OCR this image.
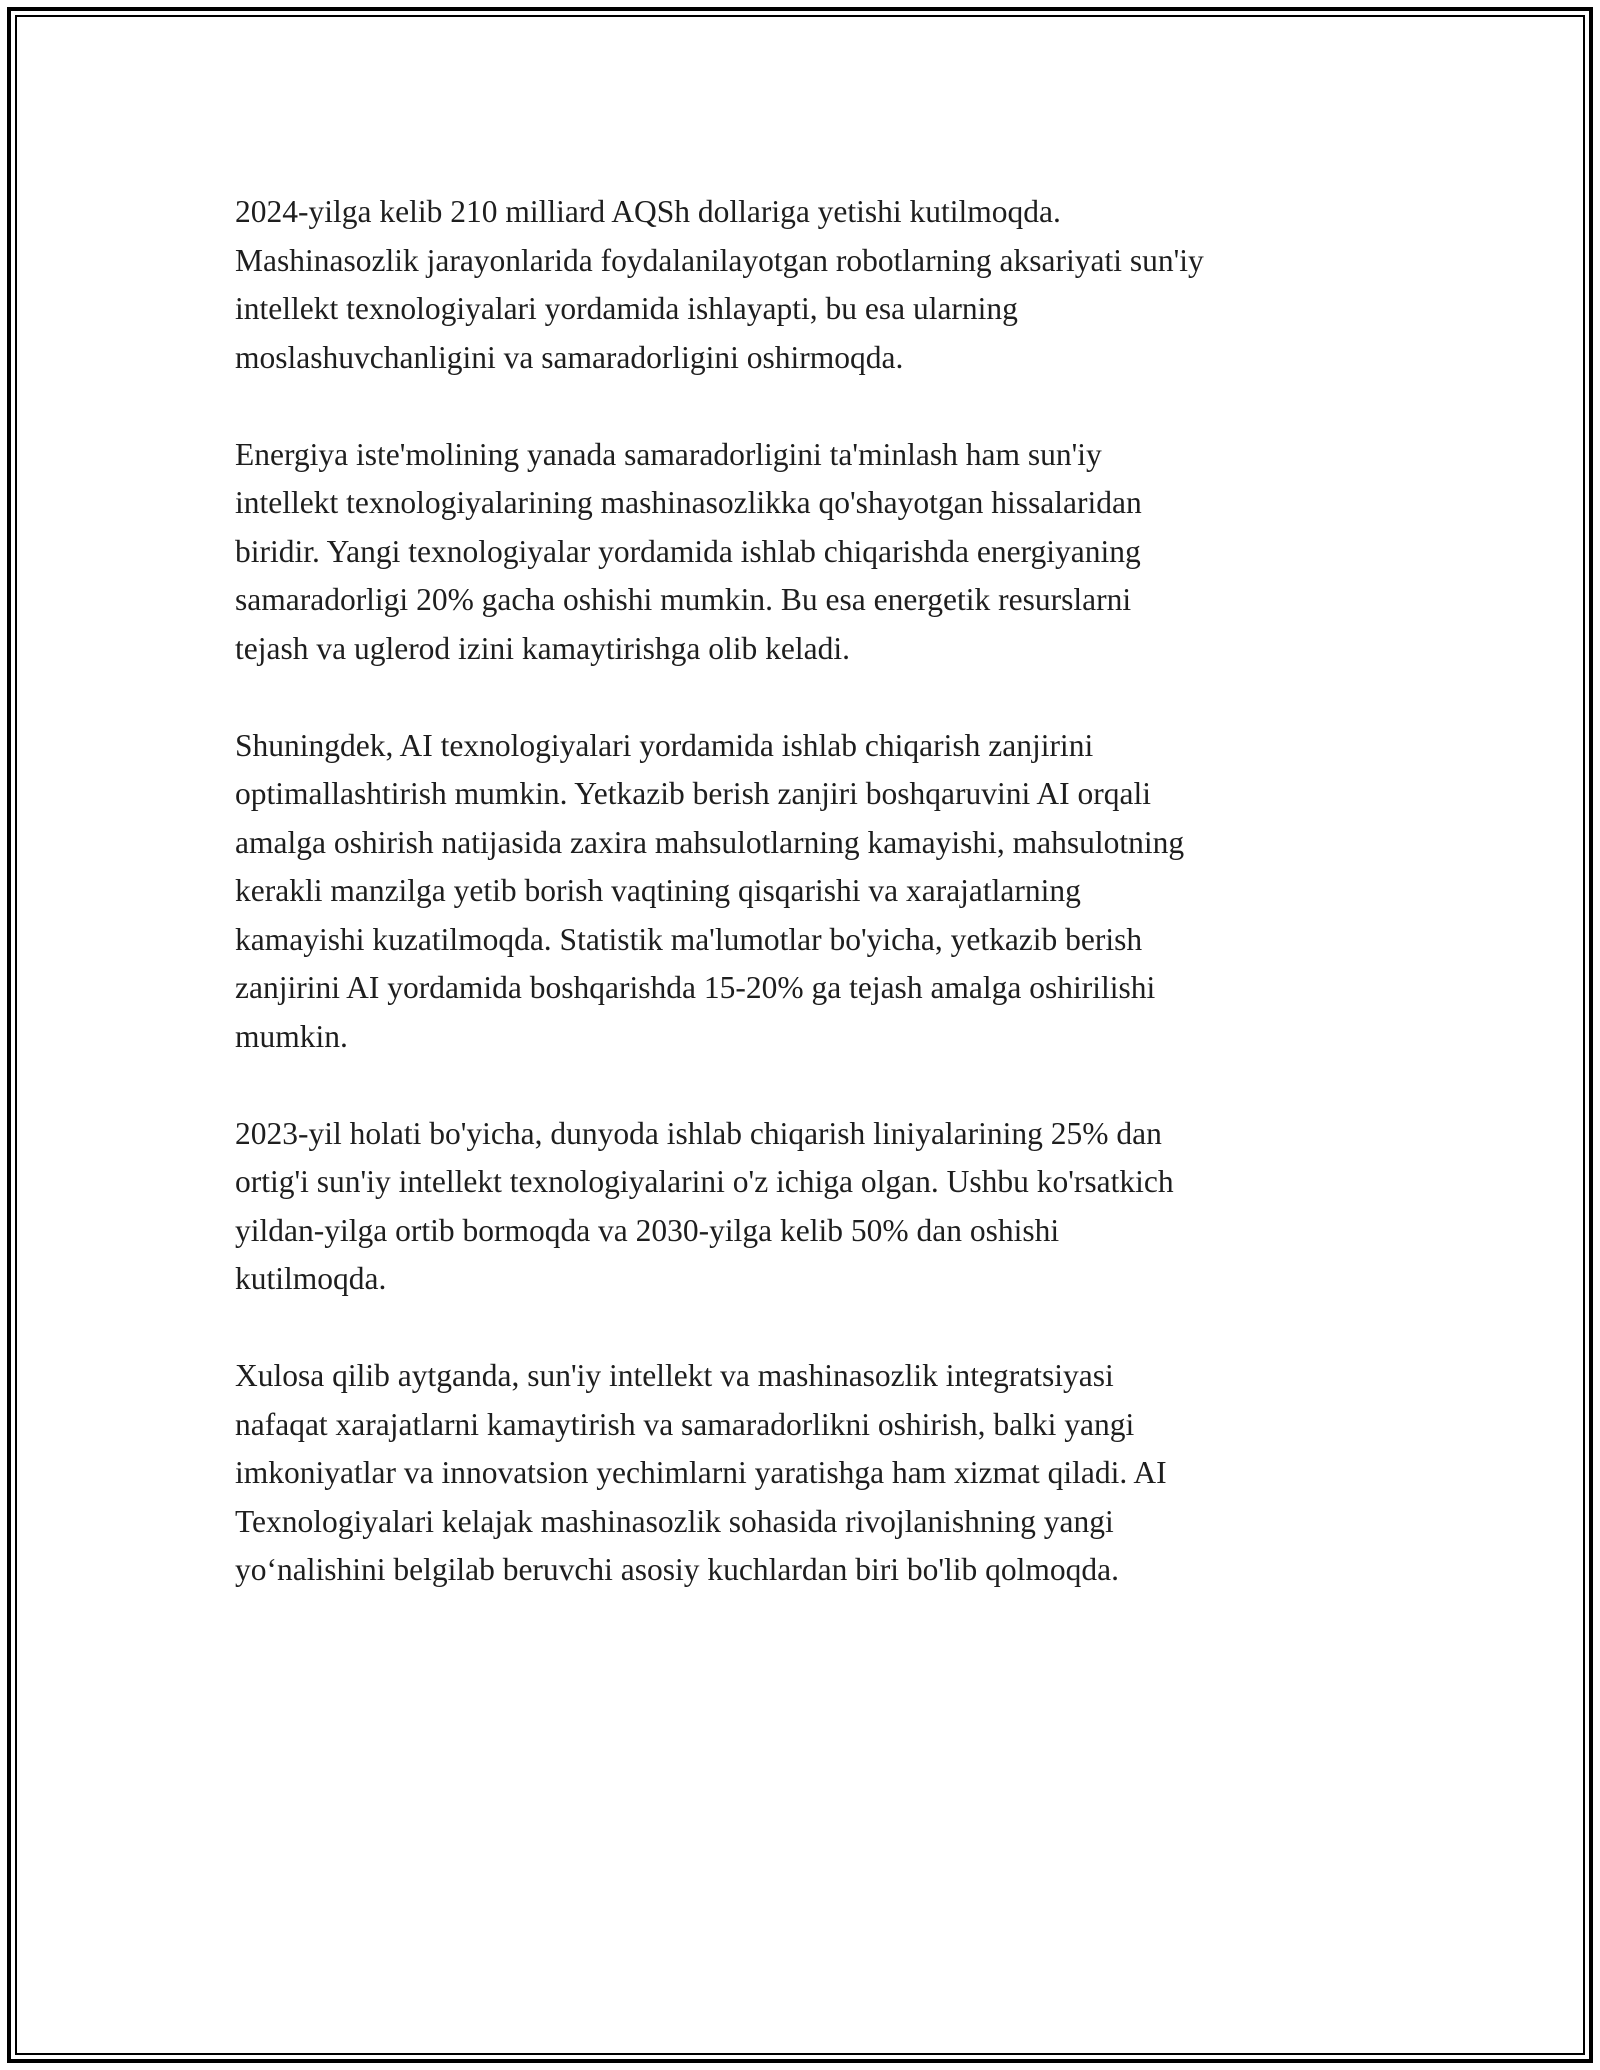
2024-yilga kelib 210 milliard AQSh dollariga yetishi kutilmoqda.
Mashinasozlik jarayonlarida foydalanilayotgan robotlarning aksariyati sun'iy
intellekt texnologiyalari yordamida ishlayapti, bu esa ularning
moslashuvchanligini va samaradorligini oshirmoqda.

Energiya iste'molining yanada samaradorligini ta'minlash ham sun'iy
intellekt texnologiyalarining mashinasozlikka qo'shayotgan hissalaridan
biridir. Yangi texnologiyalar yordamida ishlab chiqarishda energiyaning
samaradorligi 20% gacha oshishi mumkin. Bu esa energetik resurslarni
tejash va uglerod izini kamaytirishga olib keladi.

Shuningdek, AI texnologiyalari yordamida ishlab chiqarish zanjirini
optimallashtirish mumkin. Yetkazib berish zanjiri boshqaruvini AI orqali
amalga oshirish natijasida zaxira mahsulotlarning kamayishi, mahsulotning
kerakli manzilga yetib borish vaqtining qisqarishi va xarajatlarning
kamayishi kuzatilmoqda. Statistik ma'lumotlar bo'yicha, yetkazib berish
zanjirini AI yordamida boshqarishda 15-20% ga tejash amalga oshirilishi
mumkin.

2023-yil holati bo'yicha, dunyoda ishlab chiqarish liniyalarining 25% dan
ortig'i sun'iy intellekt texnologiyalarini o'z ichiga olgan. Ushbu ko'rsatkich
yildan-yilga ortib bormoqda va 2030-yilga kelib 50% dan oshishi
kutilmoqda.

Xulosa qilib aytganda, sun'iy intellekt va mashinasozlik integratsiyasi
nafaqat xarajatlarni kamaytirish va samaradorlikni oshirish, balki yangi
imkoniyatlar va innovatsion yechimlarni yaratishga ham xizmat qiladi. AI
Texnologiyalari kelajak mashinasozlik sohasida rivojlanishning yangi
yo‘nalishini belgilab beruvchi asosiy kuchlardan biri bo'lib qolmoqda.
